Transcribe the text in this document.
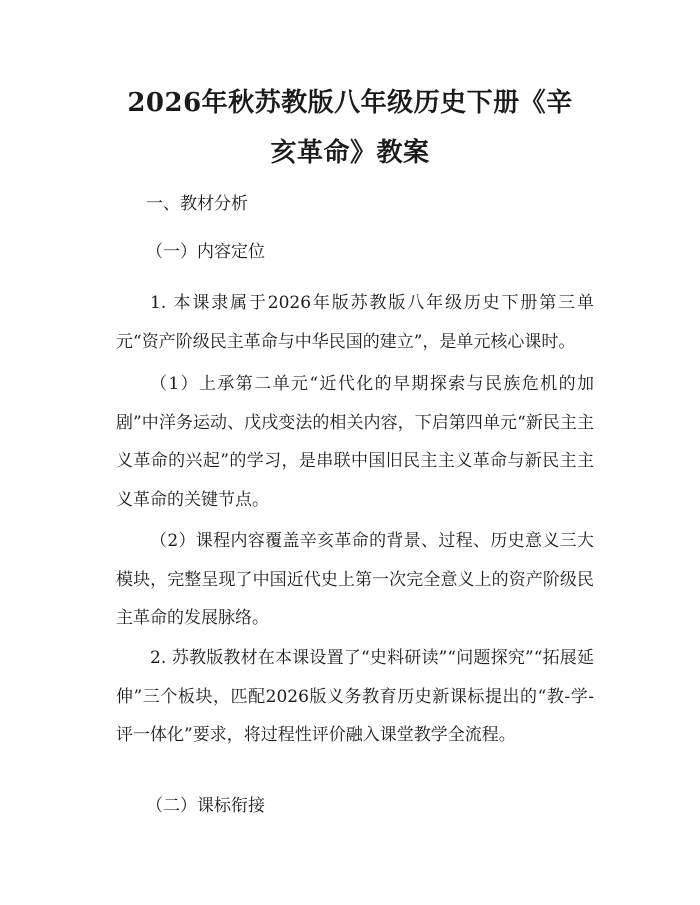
2026年秋苏教版八年级历史下册《辛亥革命》教案
一、教材分析
（一）内容定位
1. 本课隶属于2026年版苏教版八年级历史下册第三单元“资产阶级民主革命与中华民国的建立”，是单元核心课时。
（1）上承第二单元“近代化的早期探索与民族危机的加剧”中洋务运动、戊戌变法的相关内容，下启第四单元“新民主主义革命的兴起”的学习，是串联中国旧民主主义革命与新民主主义革命的关键节点。
（2）课程内容覆盖辛亥革命的背景、过程、历史意义三大模块，完整呈现了中国近代史上第一次完全意义上的资产阶级民主革命的发展脉络。
2. 苏教版教材在本课设置了“史料研读”“问题探究”“拓展延伸”三个板块，匹配2026版义务教育历史新课标提出的“教-学-评一体化”要求，将过程性评价融入课堂教学全流程。
（二）课标衔接
